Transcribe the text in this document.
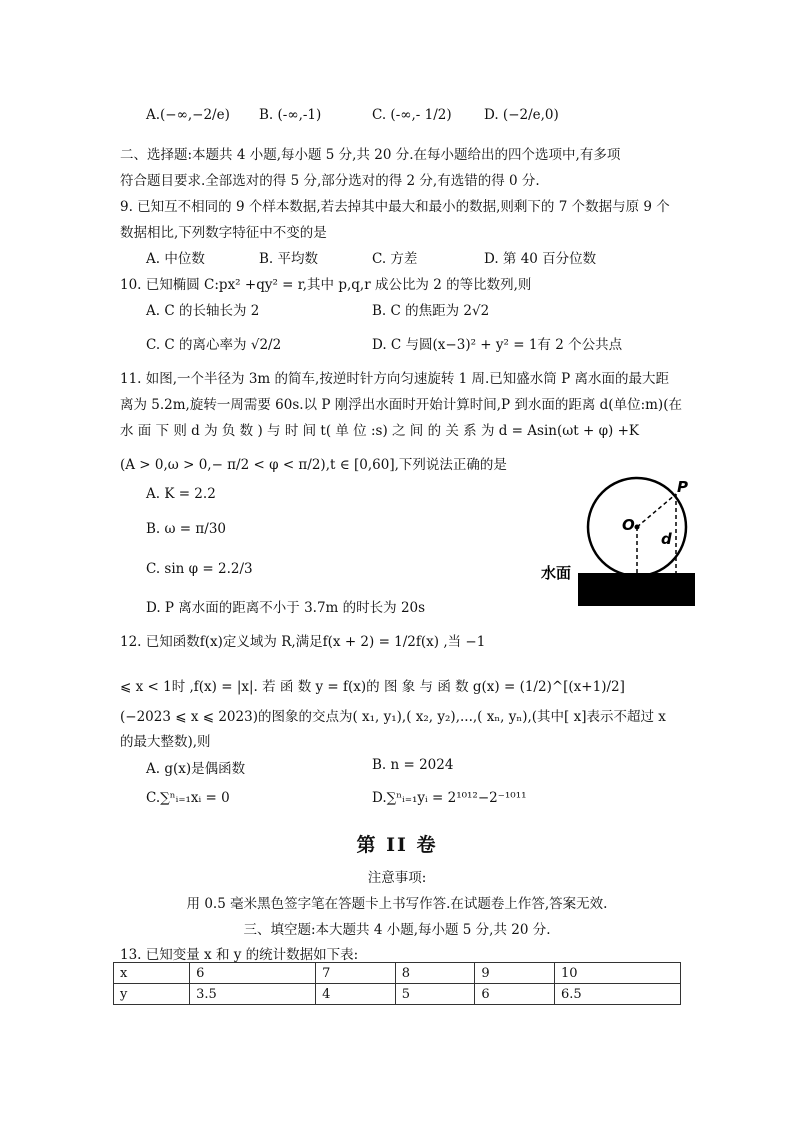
A.(−∞,−2/e) B. (-∞,-1)	C. (-∞,- 1/2) D. (−2/e,0)
二、选择题:本题共 4 小题,每小题 5 分,共 20 分.在每小题给出的四个选项中,有多项
符合题目要求.全部选对的得 5 分,部分选对的得 2 分,有选错的得 0 分.
9. 已知互不相同的 9 个样本数据,若去掉其中最大和最小的数据,则剩下的 7 个数据与原 9 个
数据相比,下列数字特征中不变的是
A. 中位数	B. 平均数	C. 方差	D. 第 40 百分位数
10. 已知椭圆 C:px² +qy² = r,其中 p,q,r 成公比为 2 的等比数列,则
A. C 的长轴长为 2	B. C 的焦距为 2√2
C. C 的离心率为 √2/2	D. C 与圆(x−3)² + y² = 1有 2 个公共点
11. 如图,一个半径为 3m 的简车,按逆时针方向匀速旋转 1 周.已知盛水筒 P 离水面的最大距
离为 5.2m,旋转一周需要 60s.以 P 刚浮出水面时开始计算时间,P 到水面的距离 d(单位:m)(在
水 面 下 则 d 为 负 数 ) 与 时 间 t( 单 位 :s) 之 间 的 关 系 为 d = Asin(ωt + φ) +K
(A > 0,ω > 0,− π/2 < φ < π/2),t ∈ [0,60],下列说法正确的是
A. K = 2.2
B. ω = π/30
C. sin φ = 2.2/3
D. P 离水面的距离不小于 3.7m 的时长为 20s
O
P
d
水面
12. 已知函数f(x)定义域为 R,满足f(x + 2) = 1/2f(x) ,当 −1
⩽ x < 1时 ,f(x) = |x|. 若 函 数 y = f(x)的 图 象 与 函 数 g(x) = (1/2)^[(x+1)/2]
(−2023 ⩽ x ⩽ 2023)的图象的交点为( x₁, y₁),( x₂, y₂),...,( xₙ, yₙ),(其中[ x]表示不超过 x
的最大整数),则
A. g(x)是偶函数	B. n = 2024
C.∑ⁿᵢ₌₁xᵢ = 0	D.∑ⁿᵢ₌₁yᵢ = 2¹⁰¹²−2⁻¹⁰¹¹
第 II 卷
注意事项:
用 0.5 毫米黑色签字笔在答题卡上书写作答.在试题卷上作答,答案无效.
三、填空题:本大题共 4 小题,每小题 5 分,共 20 分.
13. 已知变量 x 和 y 的统计数据如下表:
x	6	7	8	9	10
y	3.5	4	5	6	6.5
